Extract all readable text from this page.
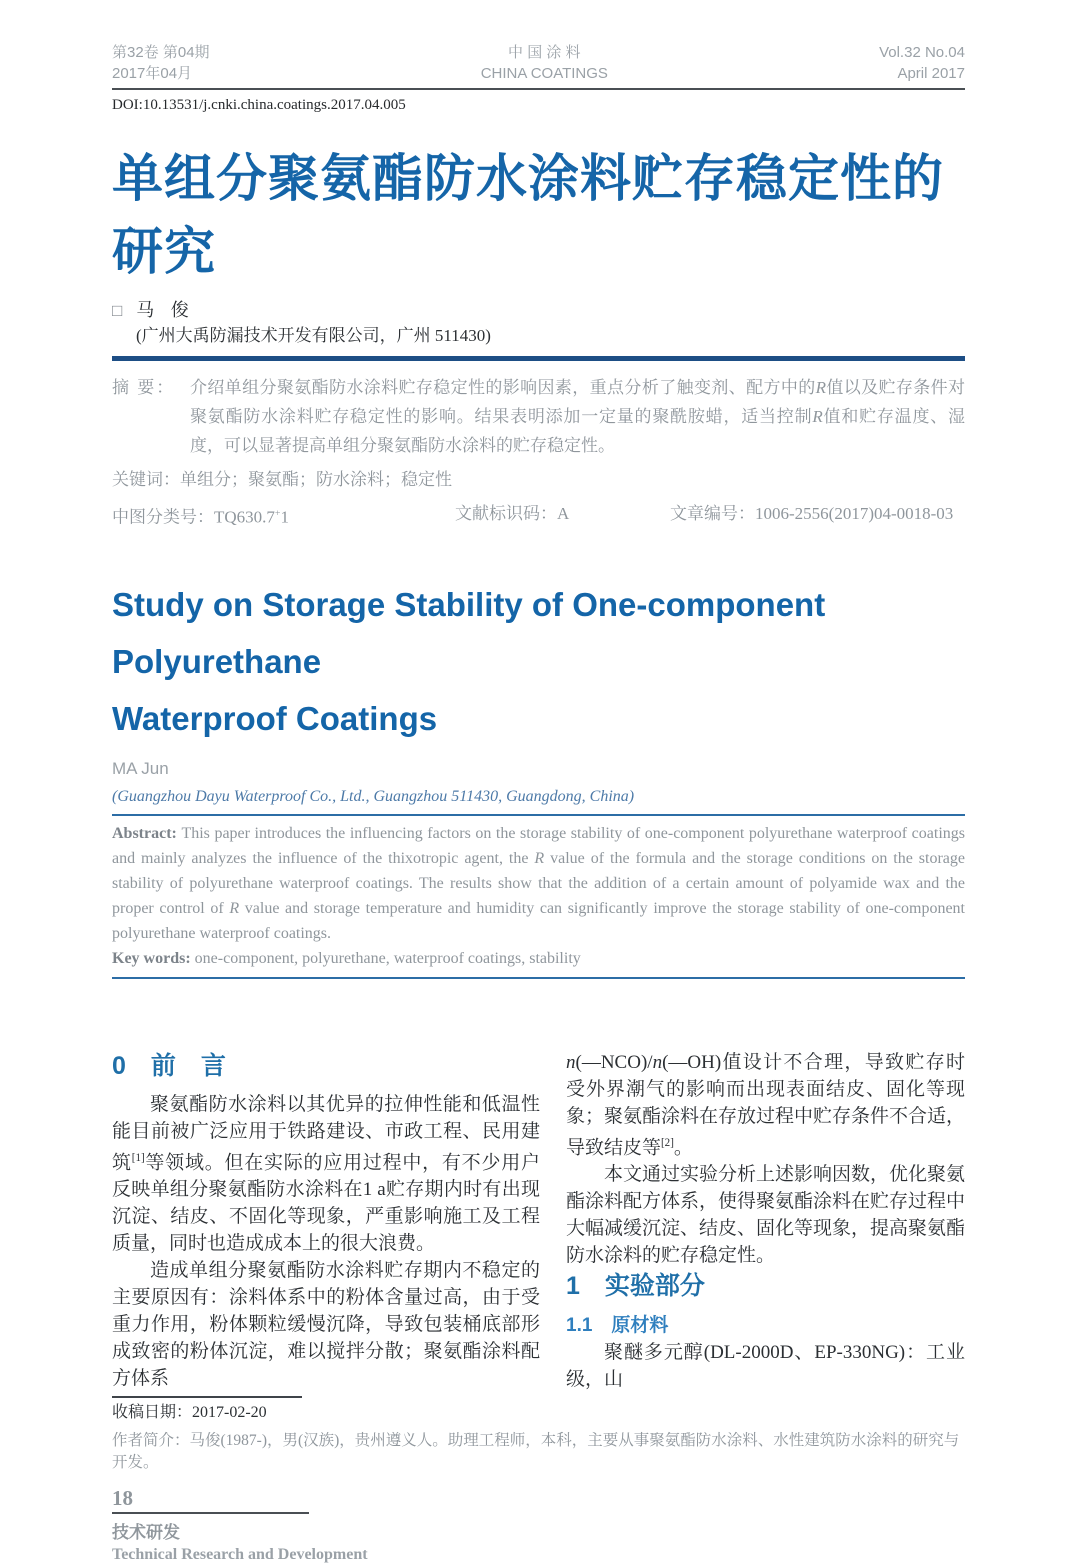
第32卷 第04期
2017年04月
中 国 涂 料
CHINA COATINGS
Vol.32 No.04
April 2017
DOI:10.13531/j.cnki.china.coatings.2017.04.005
单组分聚氨酯防水涂料贮存稳定性的
研究
□ 马 俊
(广州大禹防漏技术开发有限公司，广州 511430)
摘 要： 介绍单组分聚氨酯防水涂料贮存稳定性的影响因素，重点分析了触变剂、配方中的R值以及贮存条件对聚氨酯防水涂料贮存稳定性的影响。结果表明添加一定量的聚酰胺蜡，适当控制R值和贮存温度、湿度，可以显著提高单组分聚氨酯防水涂料的贮存稳定性。
关键词：单组分；聚氨酯；防水涂料；稳定性
中图分类号：TQ630.7+1	文献标识码：A	文章编号：1006-2556(2017)04-0018-03
Study on Storage Stability of One-component Polyurethane
Waterproof Coatings
MA Jun
(Guangzhou Dayu Waterproof Co., Ltd., Guangzhou 511430, Guangdong, China)
Abstract: This paper introduces the influencing factors on the storage stability of one-component polyurethane waterproof coatings and mainly analyzes the influence of the thixotropic agent, the R value of the formula and the storage conditions on the storage stability of polyurethane waterproof coatings. The results show that the addition of a certain amount of polyamide wax and the proper control of R value and storage temperature and humidity can significantly improve the storage stability of one-component polyurethane waterproof coatings.
Key words: one-component, polyurethane, waterproof coatings, stability
0　前　言

聚氨酯防水涂料以其优异的拉伸性能和低温性能目前被广泛应用于铁路建设、市政工程、民用建筑[1]等领域。但在实际的应用过程中，有不少用户反映单组分聚氨酯防水涂料在1 a贮存期内时有出现沉淀、结皮、不固化等现象，严重影响施工及工程质量，同时也造成成本上的很大浪费。

造成单组分聚氨酯防水涂料贮存期内不稳定的主要原因有：涂料体系中的粉体含量过高，由于受重力作用，粉体颗粒缓慢沉降，导致包装桶底部形成致密的粉体沉淀，难以搅拌分散；聚氨酯涂料配方体系

收稿日期：2017-02-20

n(—NCO)/n(—OH)值设计不合理，导致贮存时受外界潮气的影响而出现表面结皮、固化等现象；聚氨酯涂料在存放过程中贮存条件不合适，导致结皮等[2]。

本文通过实验分析上述影响因数，优化聚氨酯涂料配方体系，使得聚氨酯涂料在贮存过程中大幅减缓沉淀、结皮、固化等现象，提高聚氨酯防水涂料的贮存稳定性。

1　实验部分
1.1　原材料

聚醚多元醇(DL-2000D、EP-330NG)：工业级，山

作者简介：马俊(1987-)，男(汉族)，贵州遵义人。助理工程师，本科，主要从事聚氨酯防水涂料、水性建筑防水涂料的研究与开发。
18
技术研发
Technical Research and Development
